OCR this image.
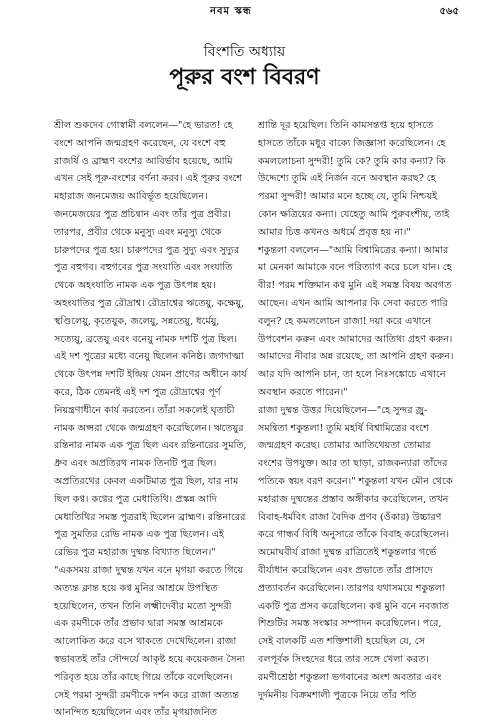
নবম স্কন্ধ	৫৬৫
বিংশতি অধ্যায়
পূরুর বংশ বিবরণ

শ্রীল শুকদেব গোস্বামী বললেন—"হে ভারত! হে বংশে আপনি জন্মগ্রহণ করেছেন, যে বংশে বহু রাজর্ষি ও ব্রাহ্মণ বংশের আবির্ভাব হয়েছে, আমি এখন সেই পূরু-বংশের বর্ণনা করব। এই পূরুর বংশে মহারাজ জনমেজয় আবির্ভূত হয়েছিলেন। জনমেজয়ের পুত্র প্রচিন্বান এবং তাঁর পুত্র প্রবীর। তারপর, প্রবীর থেকে মনুস্যু এবং মনুস্যু থেকে চারুপদের পুত্র হয়। চারুপদের পুত্র সুদ্যু এবং সুদ্যুর পুত্র বহুগব। বহুগবের পুত্র সংযাতি এবং সংযাতি থেকে অহংযাতি নামক এক পুত্র উৎপন্ন হয়। অহংযাতির পুত্র রৌদ্রাশ্ব। রৌদ্রাশ্বের ঋতেয়ু, কক্ষেয়ু, স্থণ্ডিলেয়ু, কৃতেয়ুক, জলেয়ু, সন্নতেয়ু, ধর্মেয়ু, সত্যেয়ু, ব্রতেয়ু এবং বনেয়ু নামক দশটি পুত্র ছিল। এই দশ পুত্রের মধ্যে বনেয়ু ছিলেন কনিষ্ঠ। জগদাত্মা থেকে উৎপন্ন দশটি ইন্দ্রিয় যেমন প্রাণের অধীনে কার্য করে, ঠিক তেমনই এই দশ পুত্র রৌদ্রাশ্বের পূর্ণ নিয়ন্ত্রণাধীনে কার্য করতেন। তাঁরা সকলেই ঘৃতাচী নামক অপ্সরা থেকে জন্মগ্রহণ করেছিলেন। ঋতেয়ুর রন্তিনার নামক এক পুত্র ছিল এবং রন্তিনারের সুমতি, ধ্রুব এবং অপ্রতিরথ নামক তিনটি পুত্র ছিল। অপ্রতিরথের কেবল একটিমাত্র পুত্র ছিল, যার নাম ছিল কণ্ব। কণ্বের পুত্র মেধাতিথি। প্রস্কন্ন আদি মেধাতিথির সমস্ত পুত্ররাই ছিলেন ব্রাহ্মণ। রন্তিনারের পুত্র সুমতির রেভি নামক এক পুত্র ছিলেন। এই রেভির পুত্র মহারাজ দুষ্মন্ত বিখ্যাত ছিলেন।"

"একসময় রাজা দুষ্মন্ত যখন বনে মৃগয়া করতে গিয়ে অত্যন্ত ক্লান্ত হয়ে কণ্ব মুনির আশ্রমে উপস্থিত হয়েছিলেন, তখন তিনি লক্ষ্মীদেবীর মতো সুন্দরী এক রমণীকে তাঁর প্রভাব দ্বারা সমস্ত আশ্রমকে আলোকিত করে বসে থাকতে দেখেছিলেন। রাজা স্বভাবতই তাঁর সৌন্দর্যে আকৃষ্ট হয়ে কয়েকজন সৈন্য পরিবৃত হয়ে তাঁর কাছে গিয়ে তাঁকে বলেছিলেন। সেই পরমা সুন্দরী রমণীকে দর্শন করে রাজা অত্যন্ত আনন্দিত হয়েছিলেন এবং তাঁর মৃগয়াজনিত

শ্রান্তি দূর হয়েছিল। তিনি কামসন্তপ্ত হয়ে হাসতে হাসতে তাঁকে মধুর বাক্যে জিজ্ঞাসা করেছিলেন। হে কমললোচনা সুন্দরী! তুমি কে? তুমি কার কন্যা? কি উদ্দেশ্যে তুমি এই নির্জন বনে অবস্থান করছ? হে পরমা সুন্দরী! আমার মনে হচ্ছে যে, তুমি নিশ্চয়ই কোন ক্ষত্রিয়ের কন্যা। যেহেতু আমি পুরুবংশীয়, তাই আমার চিত্ত কখনও অধর্মে প্রবৃত্ত হয় না।"

শকুন্তলা বললেন—"আমি বিশ্বামিত্রের কন্যা। আমার মা মেনকা আমাকে বনে পরিত্যাগ করে চলে যান। হে বীর! পরম শক্তিমান কণ্ব মুনি এই সমস্ত বিষয় অবগত আছেন। এখন আমি আপনার কি সেবা করতে পারি বলুন? হে কমললোচন রাজা! দয়া করে এখানে উপবেশন করুন এবং আমাদের আতিথ্য গ্রহণ করুন। আমাদের নীবার অন্ন রয়েছে, তা আপনি গ্রহণ করুন। আর যদি আপনি চান, তা হলে নিঃসঙ্কোচে এখানে অবস্থান করতে পারেন।"

রাজা দুষ্মন্ত উত্তর দিয়েছিলেন—"হে সুন্দর জ্রু-সমন্বিতা শকুন্তলা! তুমি মহর্ষি বিশ্বামিত্রের বংশে জন্মগ্রহণ করেছ। তোমার আতিথেয়তা তোমার বংশের উপযুক্ত। আর তা ছাড়া, রাজকন্যারা তাঁদের পতিকে স্বয়ং বরণ করেন।" শকুন্তলা যখন মৌন থেকে মহারাজ দুষ্মন্তের প্রস্তাব অঙ্গীকার করেছিলেন, তখন বিবাহ-ধর্মবিৎ রাজা বৈদিক প্রণব (ওঁকার) উচ্চারণ করে গান্ধর্ব বিধি অনুসারে তাঁকে বিবাহ করেছিলেন। অমোঘবীর্য রাজা দুষ্মন্ত রাত্রিতেই শকুন্তলার গর্ভে বীর্যাধান করেছিলেন এবং প্রভাতে তাঁর প্রাসাদে প্রত্যাবর্তন করেছিলেন। তারপর যথাসময়ে শকুন্তলা একটি পুত্র প্রসব করেছিলেন। কণ্ব মুনি বনে নবজাত শিশুটির সমস্ত সংস্কার সম্পাদন করেছিলেন। পরে, সেই বালকটি এত শক্তিশালী হয়েছিল যে, সে বলপূর্বক সিংহদের ধরে তার সঙ্গে খেলা করত। রমণীশ্রেষ্ঠা শকুন্তলা ভগবানের অংশ অবতার এবং দুর্দমনীয় বিক্রমশালী পুত্রকে নিয়ে তাঁর পতি
